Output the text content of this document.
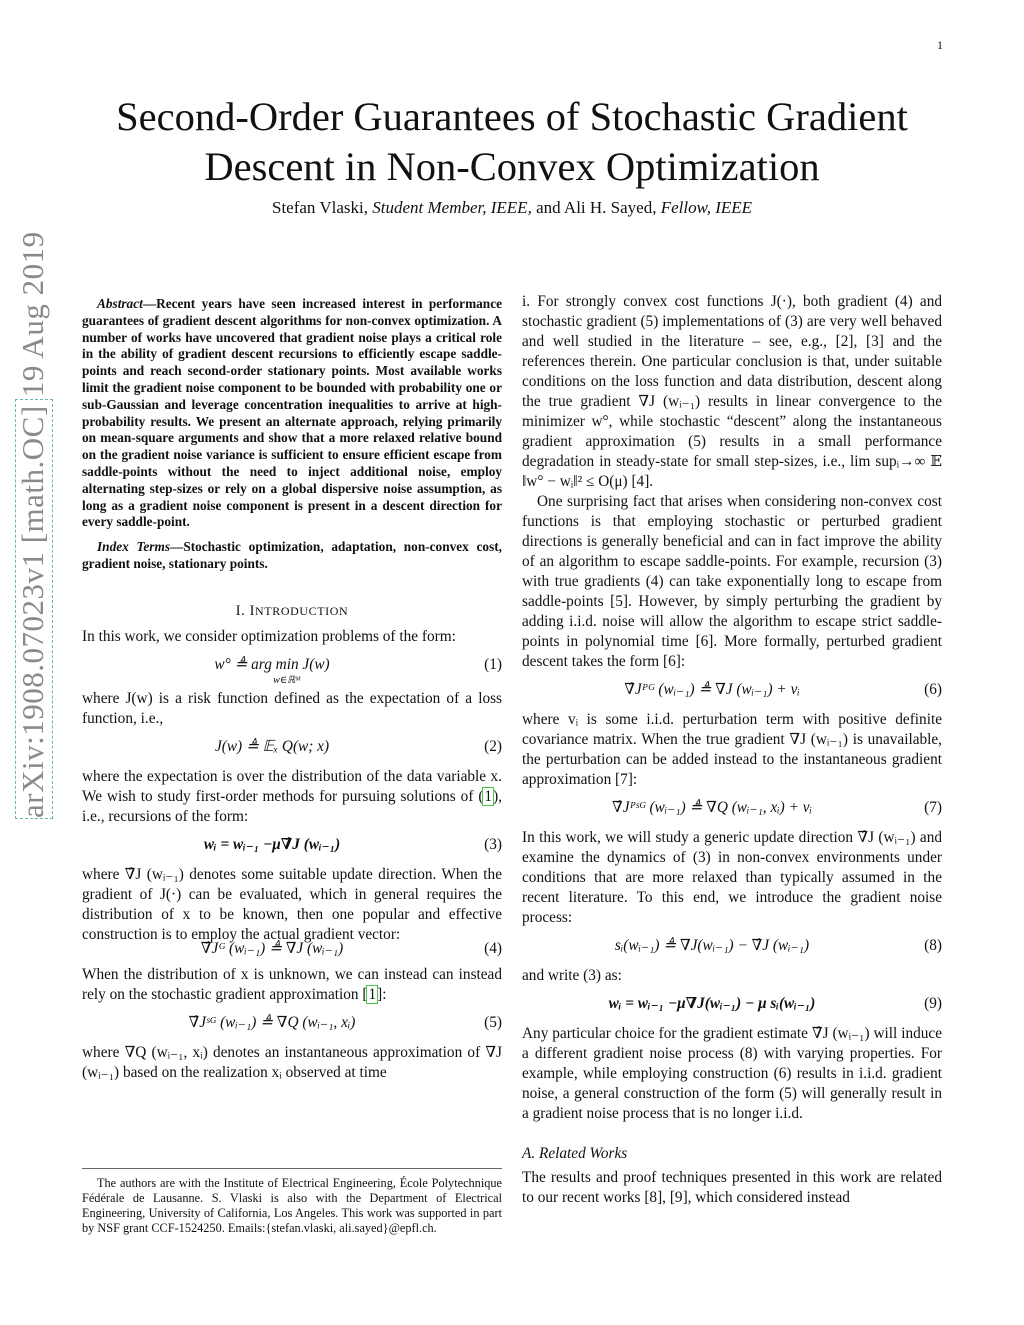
1
arXiv:1908.07023v1 [math.OC] 19 Aug 2019
Second-Order Guarantees of Stochastic Gradient
Descent in Non-Convex Optimization
Stefan Vlaski, Student Member, IEEE, and Ali H. Sayed, Fellow, IEEE

Abstract—Recent years have seen increased interest in performance guarantees of gradient descent algorithms for non-convex optimization. A number of works have uncovered that gradient noise plays a critical role in the ability of gradient descent recursions to efficiently escape saddle-points and reach second-order stationary points. Most available works limit the gradient noise component to be bounded with probability one or sub-Gaussian and leverage concentration inequalities to arrive at high-probability results. We present an alternate approach, relying primarily on mean-square arguments and show that a more relaxed relative bound on the gradient noise variance is sufficient to ensure efficient escape from saddle-points without the need to inject additional noise, employ alternating step-sizes or rely on a global dispersive noise assumption, as long as a gradient noise component is present in a descent direction for every saddle-point.

Index Terms—Stochastic optimization, adaptation, non-convex cost, gradient noise, stationary points.

I. INTRODUCTION

In this work, we consider optimization problems of the form:

w° ≜ arg min J(w)
w∈ℝᴹ
(1)

where J(w) is a risk function defined as the expectation of a loss function, i.e.,

J(w) ≜ 𝔼ₓ Q(w; x)	(2)

where the expectation is over the distribution of the data variable x. We wish to study first-order methods for pursuing solutions of (1), i.e., recursions of the form:

wᵢ = wᵢ₋₁ −μ∇̂J (wᵢ₋₁)	(3)

where ∇̂J (wᵢ₋₁) denotes some suitable update direction. When the gradient of J(·) can be evaluated, which in general requires the distribution of x to be known, then one popular and effective construction is to employ the actual gradient vector:

∇̂Jᴳ (wᵢ₋₁) ≜ ∇J (wᵢ₋₁)	(4)

When the distribution of x is unknown, we can instead can instead rely on the stochastic gradient approximation [1]:

∇̂Jˢᴳ (wᵢ₋₁) ≜ ∇Q (wᵢ₋₁, xᵢ)	(5)

where ∇Q (wᵢ₋₁, xᵢ) denotes an instantaneous approximation of ∇J (wᵢ₋₁) based on the realization xᵢ observed at time

The authors are with the Institute of Electrical Engineering, École Polytechnique Fédérale de Lausanne. S. Vlaski is also with the Department of Electrical Engineering, University of California, Los Angeles. This work was supported in part by NSF grant CCF-1524250. Emails:{stefan.vlaski, ali.sayed}@epfl.ch.

i. For strongly convex cost functions J(·), both gradient (4) and stochastic gradient (5) implementations of (3) are very well behaved and well studied in the literature – see, e.g., [2], [3] and the references therein. One particular conclusion is that, under suitable conditions on the loss function and data distribution, descent along the true gradient ∇J (wᵢ₋₁) results in linear convergence to the minimizer w°, while stochastic “descent” along the instantaneous gradient approximation (5) results in a small performance degradation in steady-state for small step-sizes, i.e., lim supᵢ→∞ 𝔼 ‖w° − wᵢ‖² ≤ O(μ) [4].

One surprising fact that arises when considering non-convex cost functions is that employing stochastic or perturbed gradient directions is generally beneficial and can in fact improve the ability of an algorithm to escape saddle-points. For example, recursion (3) with true gradients (4) can take exponentially long to escape from saddle-points [5]. However, by simply perturbing the gradient by adding i.i.d. noise will allow the algorithm to escape strict saddle-points in polynomial time [6]. More formally, perturbed gradient descent takes the form [6]:

∇̂Jᴾᴳ (wᵢ₋₁) ≜ ∇J (wᵢ₋₁) + vᵢ	(6)

where vᵢ is some i.i.d. perturbation term with positive definite covariance matrix. When the true gradient ∇J (wᵢ₋₁) is unavailable, the perturbation can be added instead to the instantaneous gradient approximation [7]:

∇̂Jᴾˢᴳ (wᵢ₋₁) ≜ ∇Q (wᵢ₋₁, xᵢ) + vᵢ	(7)

In this work, we will study a generic update direction ∇̂J (wᵢ₋₁) and examine the dynamics of (3) in non-convex environments under conditions that are more relaxed than typically assumed in the recent literature. To this end, we introduce the gradient noise process:

sᵢ(wᵢ₋₁) ≜ ∇J(wᵢ₋₁) − ∇̂J (wᵢ₋₁)	(8)

and write (3) as:

wᵢ = wᵢ₋₁ −μ∇J(wᵢ₋₁) − μ sᵢ(wᵢ₋₁)	(9)

Any particular choice for the gradient estimate ∇̂J (wᵢ₋₁) will induce a different gradient noise process (8) with varying properties. For example, while employing construction (6) results in i.i.d. gradient noise, a general construction of the form (5) will generally result in a gradient noise process that is no longer i.i.d.

A. Related Works

The results and proof techniques presented in this work are related to our recent works [8], [9], which considered instead
